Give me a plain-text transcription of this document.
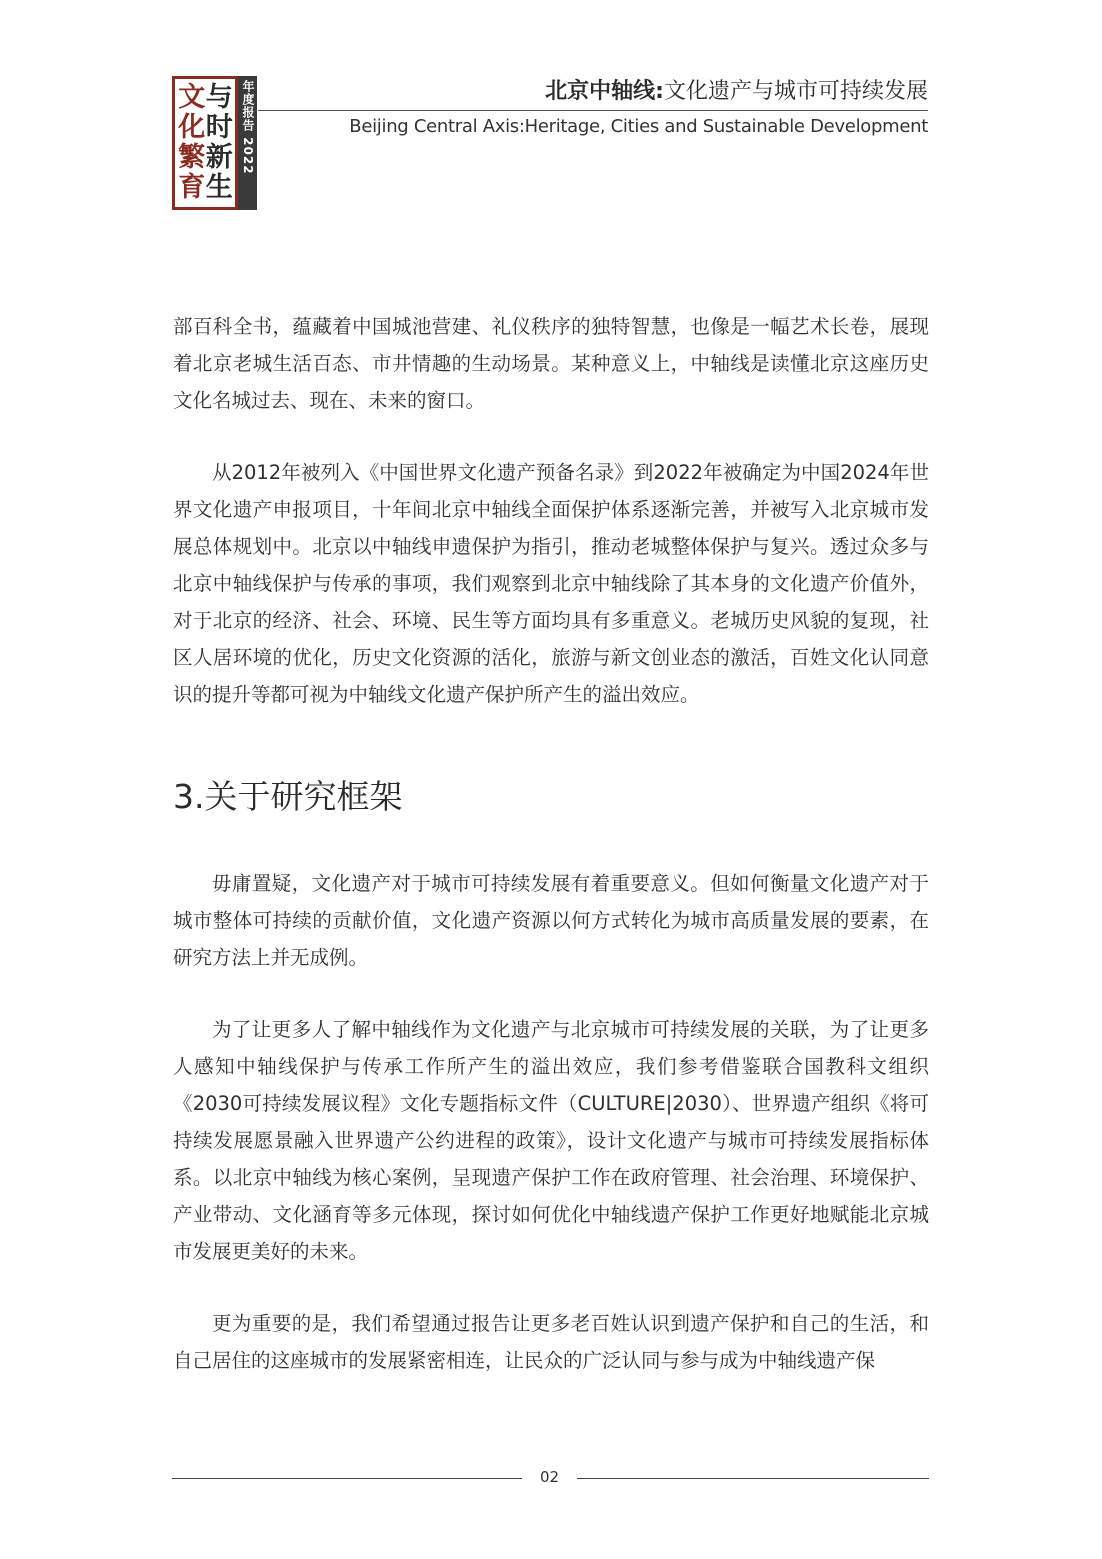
文 与
化 时
繁 新
育 生
年度报告 2022	北京中轴线:文化遗产与城市可持续发展
Beijing Central Axis:Heritage, Cities and Sustainable Development

部百科全书，蕴藏着中国城池营建、礼仪秩序的独特智慧，也像是一幅艺术长卷，展现着北京老城生活百态、市井情趣的生动场景。某种意义上，中轴线是读懂北京这座历史文化名城过去、现在、未来的窗口。

从2012年被列入《中国世界文化遗产预备名录》到2022年被确定为中国2024年世界文化遗产申报项目，十年间北京中轴线全面保护体系逐渐完善，并被写入北京城市发展总体规划中。北京以中轴线申遗保护为指引，推动老城整体保护与复兴。透过众多与北京中轴线保护与传承的事项，我们观察到北京中轴线除了其本身的文化遗产价值外，对于北京的经济、社会、环境、民生等方面均具有多重意义。老城历史风貌的复现，社区人居环境的优化，历史文化资源的活化，旅游与新文创业态的激活，百姓文化认同意识的提升等都可视为中轴线文化遗产保护所产生的溢出效应。

3.关于研究框架

毋庸置疑，文化遗产对于城市可持续发展有着重要意义。但如何衡量文化遗产对于城市整体可持续的贡献价值，文化遗产资源以何方式转化为城市高质量发展的要素，在研究方法上并无成例。

为了让更多人了解中轴线作为文化遗产与北京城市可持续发展的关联，为了让更多人感知中轴线保护与传承工作所产生的溢出效应，我们参考借鉴联合国教科文组织《2030可持续发展议程》文化专题指标文件（CULTURE|2030）、世界遗产组织《将可持续发展愿景融入世界遗产公约进程的政策》，设计文化遗产与城市可持续发展指标体系。以北京中轴线为核心案例，呈现遗产保护工作在政府管理、社会治理、环境保护、产业带动、文化涵育等多元体现，探讨如何优化中轴线遗产保护工作更好地赋能北京城市发展更美好的未来。

更为重要的是，我们希望通过报告让更多老百姓认识到遗产保护和自己的生活，和自己居住的这座城市的发展紧密相连，让民众的广泛认同与参与成为中轴线遗产保

02
